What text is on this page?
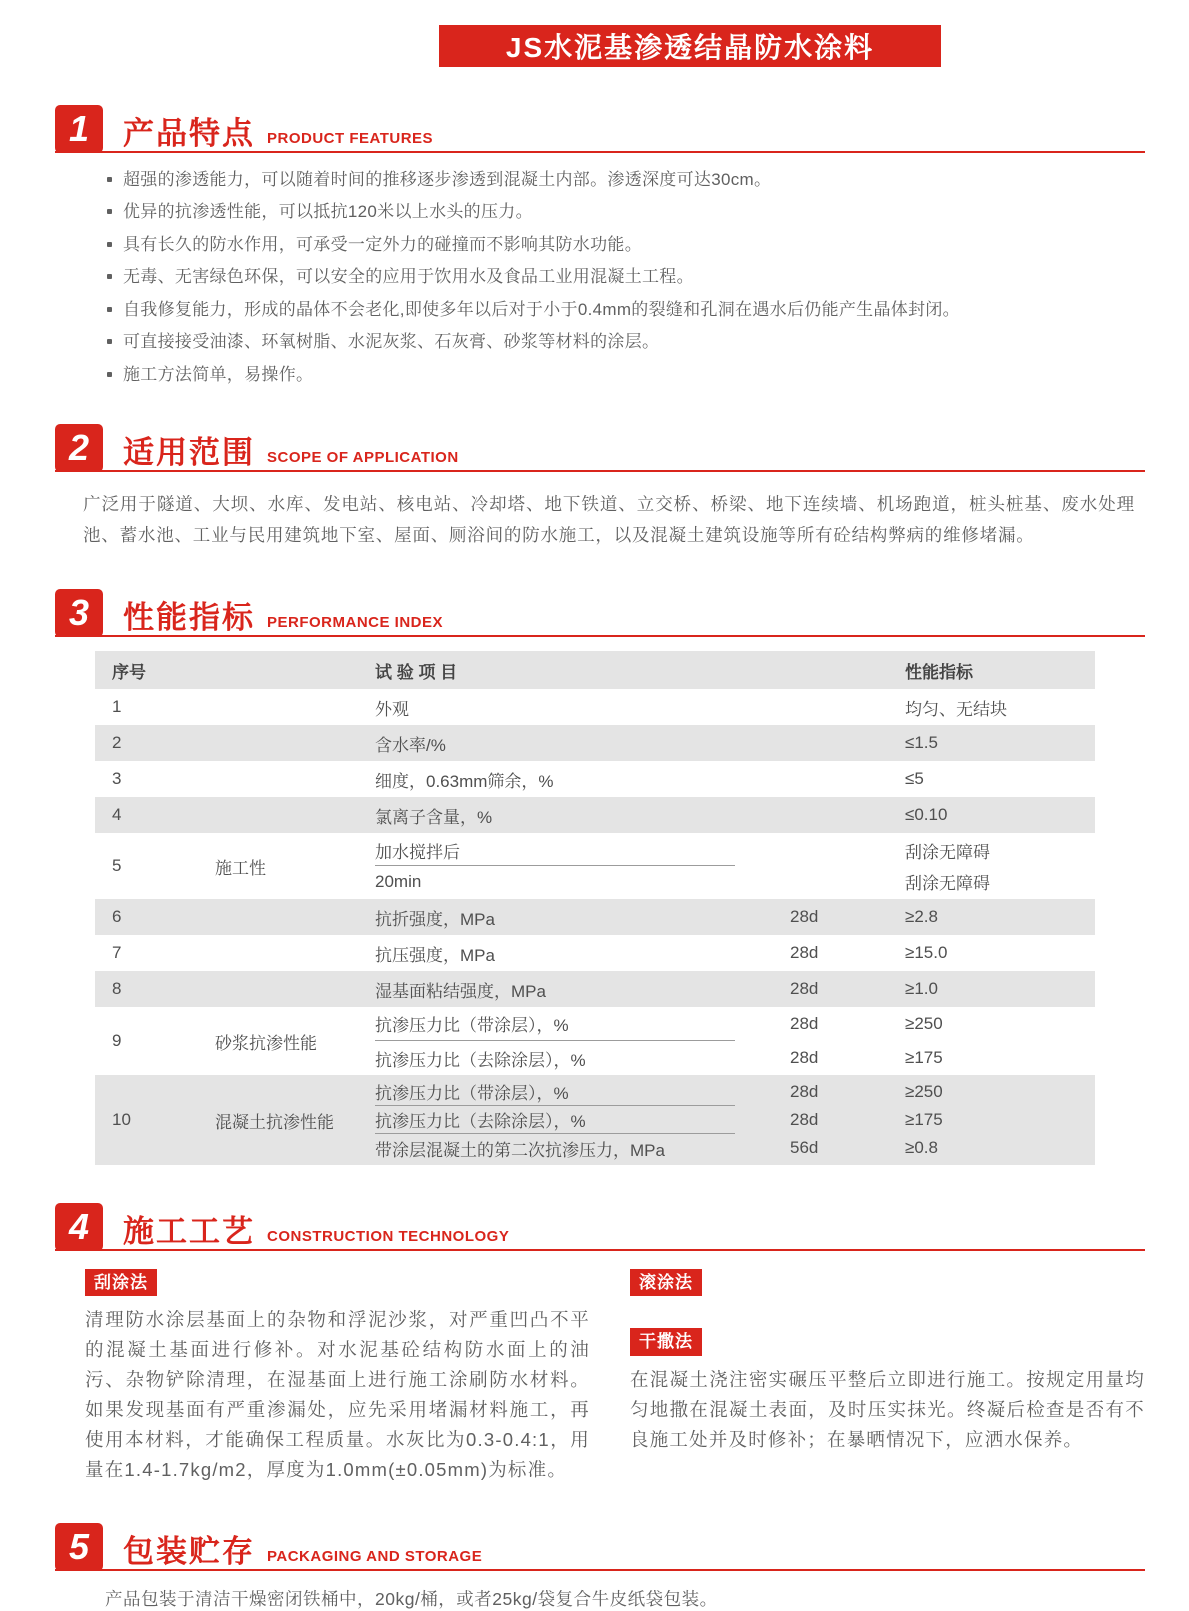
JS水泥基渗透结晶防水涂料
1	产品特点 PRODUCT FEATURES
超强的渗透能力，可以随着时间的推移逐步渗透到混凝土内部。渗透深度可达30cm。
优异的抗渗透性能，可以抵抗120米以上水头的压力。
具有长久的防水作用，可承受一定外力的碰撞而不影响其防水功能。
无毒、无害绿色环保，可以安全的应用于饮用水及食品工业用混凝土工程。
自我修复能力，形成的晶体不会老化,即使多年以后对于小于0.4mm的裂缝和孔洞在遇水后仍能产生晶体封闭。
可直接接受油漆、环氧树脂、水泥灰浆、石灰膏、砂浆等材料的涂层。
施工方法简单，易操作。
2	适用范围 SCOPE OF APPLICATION

广泛用于隧道、大坝、水库、发电站、核电站、冷却塔、地下铁道、立交桥、桥梁、地下连续墙、机场跑道，桩头桩基、废水处理池、蓄水池、工业与民用建筑地下室、屋面、厕浴间的防水施工，以及混凝土建筑设施等所有砼结构弊病的维修堵漏。

3	性能指标 PERFORMANCE INDEX
序号	试 验 项 目	性能指标
1	外观	均匀、无结块
2	含水率/%	≤1.5
3	细度，0.63mm筛余，%	≤5
4	氯离子含量，%	≤0.10
5	施工性
加水搅拌后	刮涂无障碍
20min	刮涂无障碍
6	抗折强度，MPa	28d	≥2.8
7	抗压强度，MPa	28d	≥15.0
8	湿基面粘结强度，MPa	28d	≥1.0
9	砂浆抗渗性能
抗渗压力比（带涂层），%	28d	≥250
抗渗压力比（去除涂层），%	28d	≥175
10	混凝土抗渗性能
抗渗压力比（带涂层），%	28d	≥250
抗渗压力比（去除涂层），%	28d	≥175
带涂层混凝土的第二次抗渗压力，MPa	56d	≥0.8
4	施工工艺 CONSTRUCTION TECHNOLOGY
刮涂法

清理防水涂层基面上的杂物和浮泥沙浆，对严重凹凸不平的混凝土基面进行修补。对水泥基砼结构防水面上的油污、杂物铲除清理，在湿基面上进行施工涂刷防水材料。如果发现基面有严重渗漏处，应先采用堵漏材料施工，再使用本材料，才能确保工程质量。水灰比为0.3-0.4:1，用量在1.4-1.7kg/m2，厚度为1.0mm(±0.05mm)为标准。

滚涂法
干撒法

在混凝土浇注密实碾压平整后立即进行施工。按规定用量均匀地撒在混凝土表面，及时压实抹光。终凝后检查是否有不良施工处并及时修补；在暴晒情况下，应洒水保养。

5	包装贮存 PACKAGING AND STORAGE

产品包装于清洁干燥密闭铁桶中，20kg/桶，或者25kg/袋复合牛皮纸袋包装。
